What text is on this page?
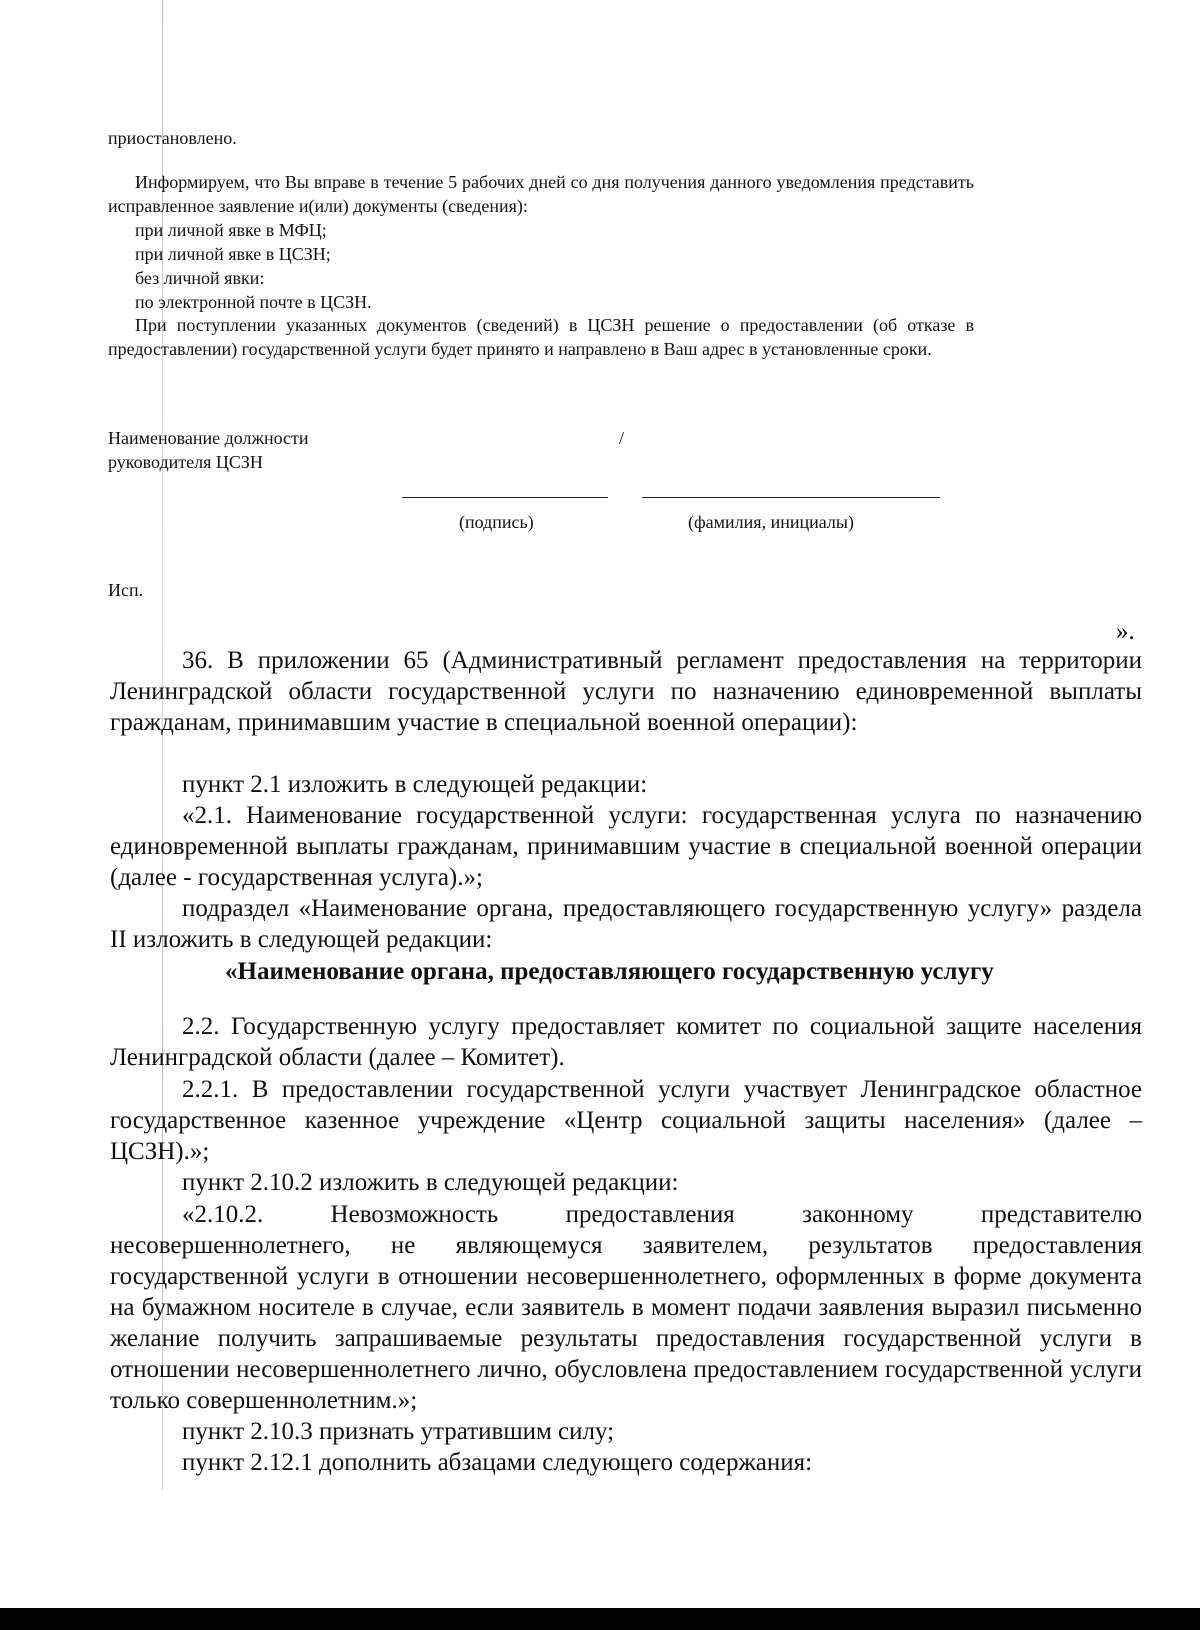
приостановлено.
Информируем, что Вы вправе в течение 5 рабочих дней со дня получения данного уведомления представить исправленное заявление и(или) документы (сведения):
при личной явке в МФЦ;
при личной явке в ЦСЗН;
без личной явки:
по электронной почте в ЦСЗН.
При поступлении указанных документов (сведений) в ЦСЗН решение о предоставлении (об отказе в предоставлении) государственной услуги будет принято и направлено в Ваш адрес в установленные сроки.
Наименование должности
руководителя ЦСЗН
/
(подпись)	(фамилия, инициалы)
Исп.
».
36. В приложении 65 (Административный регламент предоставления на территории Ленинградской области государственной услуги по назначению единовременной выплаты гражданам, принимавшим участие в специальной военной операции):
пункт 2.1 изложить в следующей редакции:
«2.1. Наименование государственной услуги: государственная услуга по назначению единовременной выплаты гражданам, принимавшим участие в специальной военной операции (далее - государственная услуга).»;
подраздел «Наименование органа, предоставляющего государственную услугу» раздела II изложить в следующей редакции:
«Наименование органа, предоставляющего государственную услугу
2.2. Государственную услугу предоставляет комитет по социальной защите населения Ленинградской области (далее – Комитет).
2.2.1. В предоставлении государственной услуги участвует Ленинградское областное государственное казенное учреждение «Центр социальной защиты населения» (далее – ЦСЗН).»;
пункт 2.10.2 изложить в следующей редакции:
«2.10.2. Невозможность предоставления законному представителю несовершеннолетнего, не являющемуся заявителем, результатов предоставления государственной услуги в отношении несовершеннолетнего, оформленных в форме документа на бумажном носителе в случае, если заявитель в момент подачи заявления выразил письменно желание получить запрашиваемые результаты предоставления государственной услуги в отношении несовершеннолетнего лично, обусловлена предоставлением государственной услуги только совершеннолетним.»;
пункт 2.10.3 признать утратившим силу;
пункт 2.12.1 дополнить абзацами следующего содержания:
